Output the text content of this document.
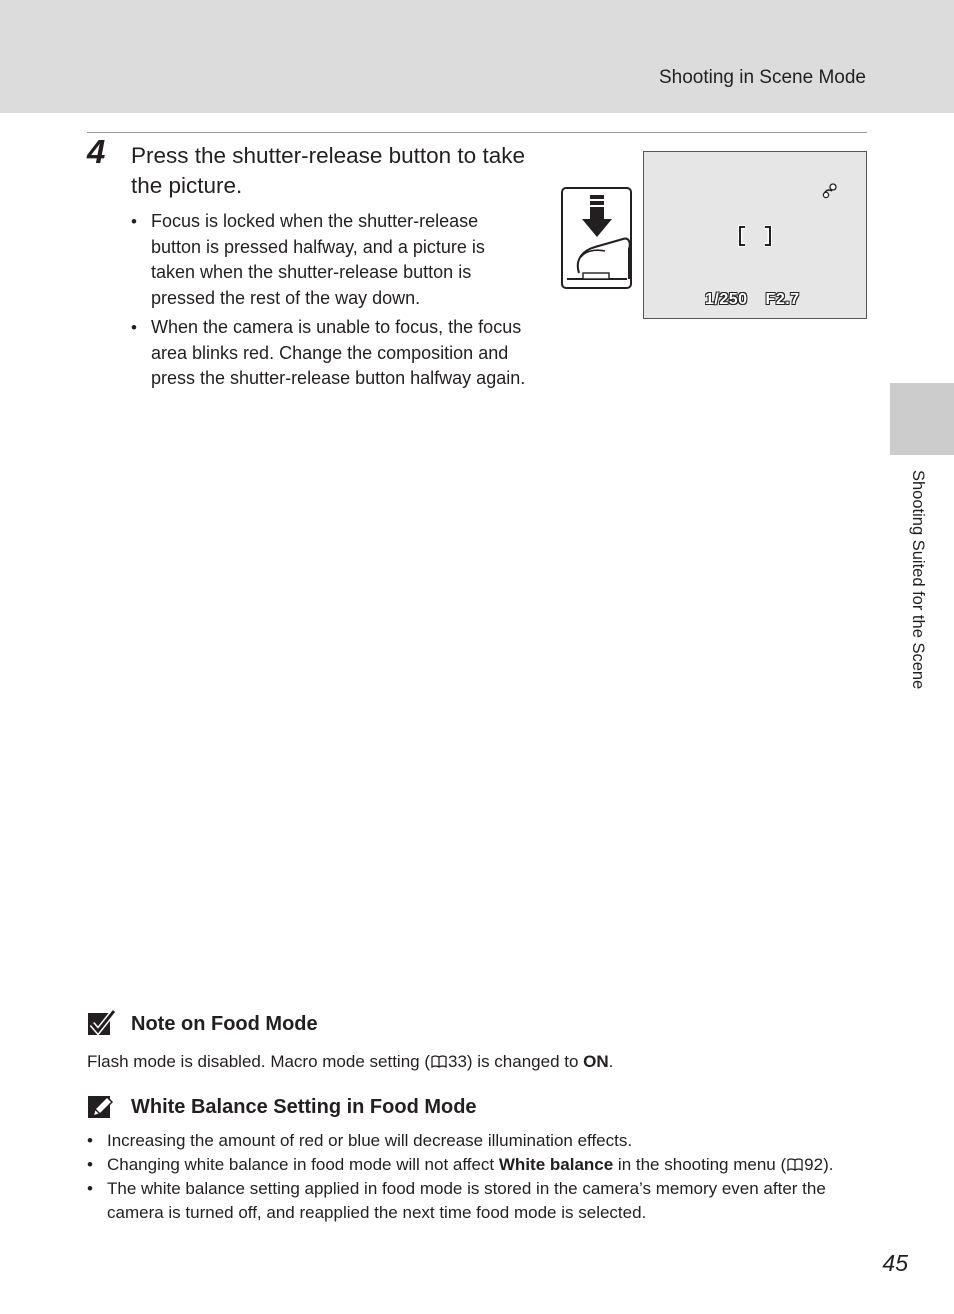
Shooting in Scene Mode
4 Press the shutter-release button to take the picture.
• Focus is locked when the shutter-release button is pressed halfway, and a picture is taken when the shutter-release button is pressed the rest of the way down.
• When the camera is unable to focus, the focus area blinks red. Change the composition and press the shutter-release button halfway again.
1/250 F2.7
Shooting Suited for the Scene
Note on Food Mode
Flash mode is disabled. Macro mode setting ( 33) is changed to ON.
White Balance Setting in Food Mode
• Increasing the amount of red or blue will decrease illumination effects.
• Changing white balance in food mode will not affect White balance in the shooting menu ( 92).
• The white balance setting applied in food mode is stored in the camera’s memory even after the camera is turned off, and reapplied the next time food mode is selected.
45
